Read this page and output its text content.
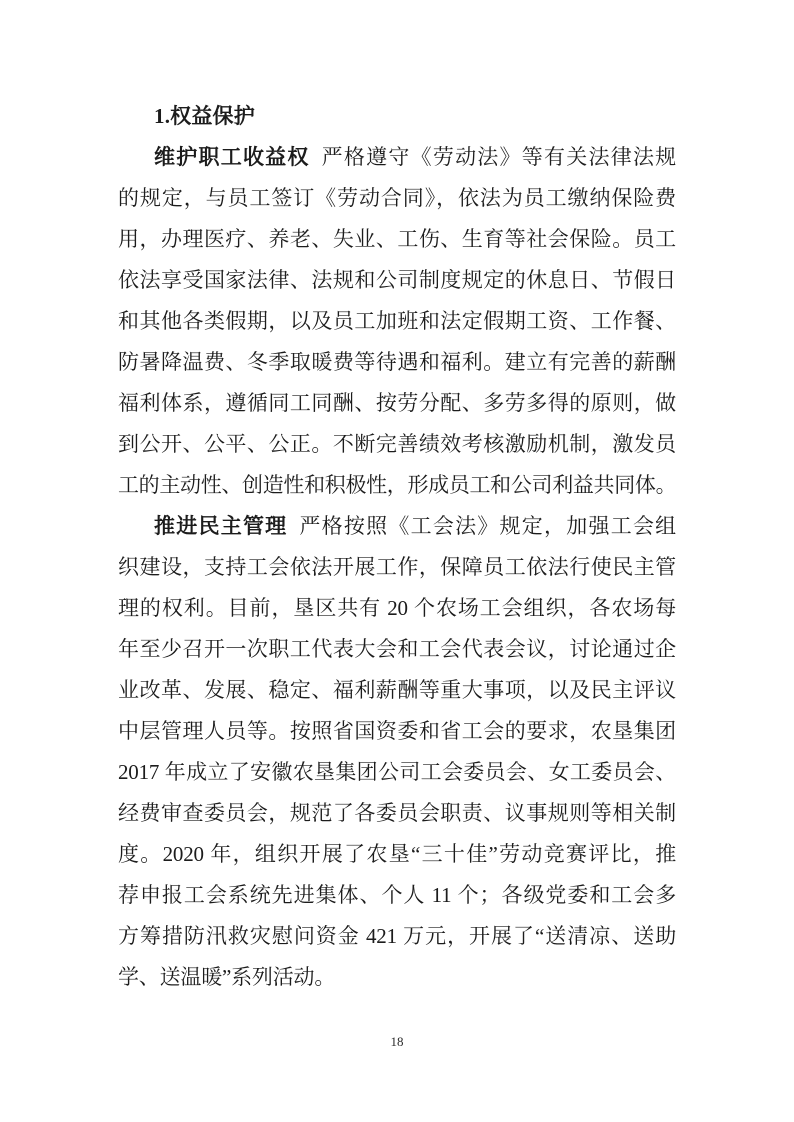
1.权益保护
维护职工收益权 严格遵守《劳动法》等有关法律法规
的规定，与员工签订《劳动合同》，依法为员工缴纳保险费
用，办理医疗、养老、失业、工伤、生育等社会保险。员工
依法享受国家法律、法规和公司制度规定的休息日、节假日
和其他各类假期，以及员工加班和法定假期工资、工作餐、
防暑降温费、冬季取暖费等待遇和福利。建立有完善的薪酬
福利体系，遵循同工同酬、按劳分配、多劳多得的原则，做
到公开、公平、公正。不断完善绩效考核激励机制，激发员
工的主动性、创造性和积极性，形成员工和公司利益共同体。
推进民主管理 严格按照《工会法》规定，加强工会组
织建设，支持工会依法开展工作，保障员工依法行使民主管
理的权利。目前，垦区共有 20 个农场工会组织，各农场每
年至少召开一次职工代表大会和工会代表会议，讨论通过企
业改革、发展、稳定、福利薪酬等重大事项，以及民主评议
中层管理人员等。按照省国资委和省工会的要求，农垦集团
2017 年成立了安徽农垦集团公司工会委员会、女工委员会、
经费审查委员会，规范了各委员会职责、议事规则等相关制
度。2020 年，组织开展了农垦“三十佳”劳动竞赛评比，推
荐申报工会系统先进集体、个人 11 个；各级党委和工会多
方筹措防汛救灾慰问资金 421 万元，开展了“送清凉、送助
学、送温暖”系列活动。
18
